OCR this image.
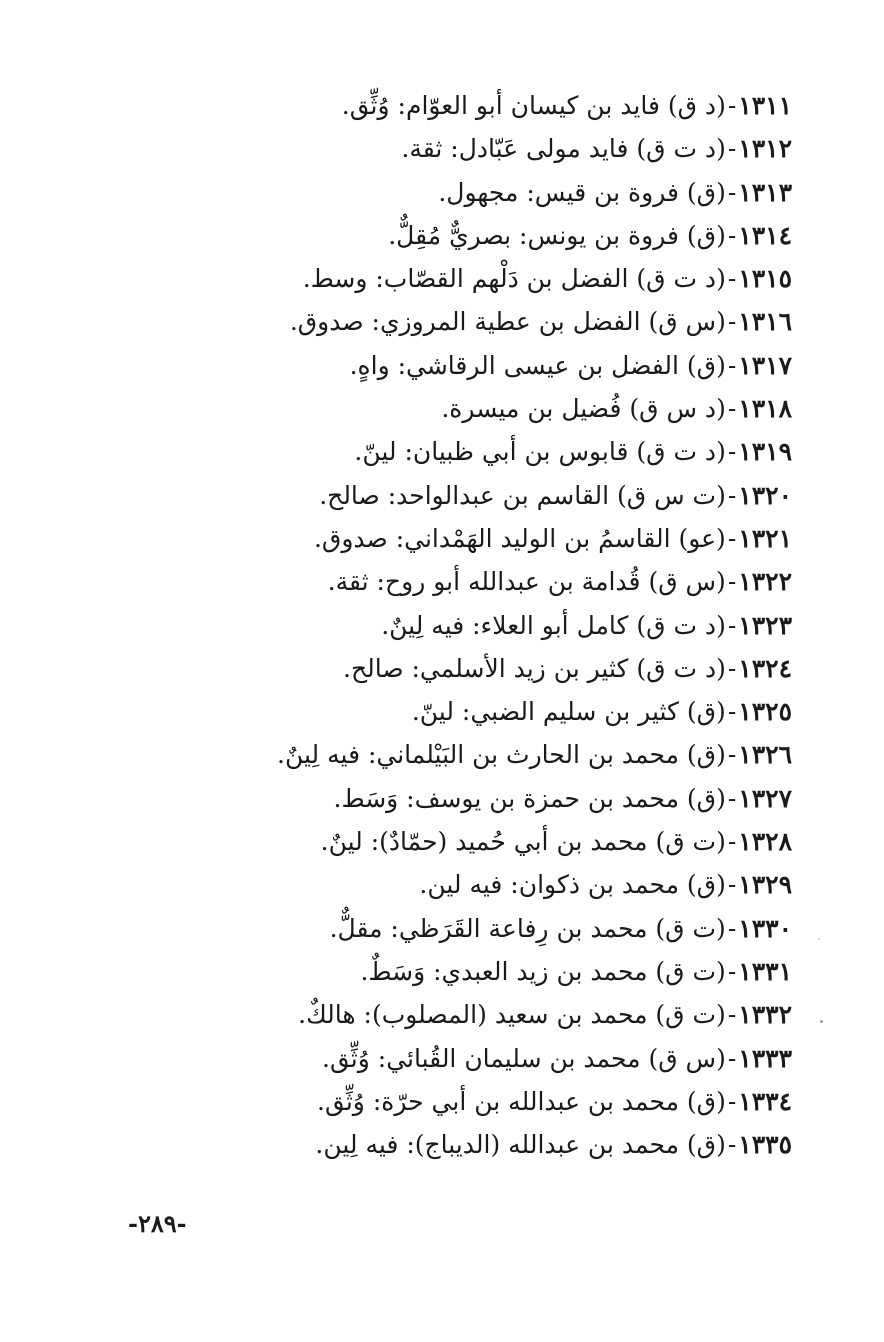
١٣١١-(د ق) فايد بن كيسان أبو العوّام: وُثِّق.
١٣١٢-(د ت ق) فايد مولى عَبّادل: ثقة.
١٣١٣-(ق) فروة بن قيس: مجهول.
١٣١٤-(ق) فروة بن يونس: بصريٌّ مُقِلٌّ.
١٣١٥-(د ت ق) الفضل بن دَلْهم القصّاب: وسط.
١٣١٦-(س ق) الفضل بن عطية المروزي: صدوق.
١٣١٧-(ق) الفضل بن عيسى الرقاشي: واهٍ.
١٣١٨-(د س ق) فُضيل بن ميسرة.
١٣١٩-(د ت ق) قابوس بن أبي ظبيان: لينّ.
١٣٢٠-(ت س ق) القاسم بن عبدالواحد: صالح.
١٣٢١-(عو) القاسمُ بن الوليد الهَمْداني: صدوق.
١٣٢٢-(س ق) قُدامة بن عبدالله أبو روح: ثقة.
١٣٢٣-(د ت ق) كامل أبو العلاء: فيه لِينٌ.
١٣٢٤-(د ت ق) كثير بن زيد الأسلمي: صالح.
١٣٢٥-(ق) كثير بن سليم الضبي: لينّ.
١٣٢٦-(ق) محمد بن الحارث بن البَيْلماني: فيه لِينٌ.
١٣٢٧-(ق) محمد بن حمزة بن يوسف: وَسَط.
١٣٢٨-(ت ق) محمد بن أبي حُميد (حمّادٌ): لينٌ.
١٣٢٩-(ق) محمد بن ذكوان: فيه لين.
١٣٣٠-(ت ق) محمد بن رِفاعة القَرَظي: مقلٌّ.
١٣٣١-(ت ق) محمد بن زيد العبدي: وَسَطٌ.
١٣٣٢-(ت ق) محمد بن سعيد (المصلوب): هالكٌ.
١٣٣٣-(س ق) محمد بن سليمان القُبائي: وُثِّق.
١٣٣٤-(ق) محمد بن عبدالله بن أبي حرّة: وُثِّق.
١٣٣٥-(ق) محمد بن عبدالله (الديباج): فيه لِين.
-٢٨٩-
